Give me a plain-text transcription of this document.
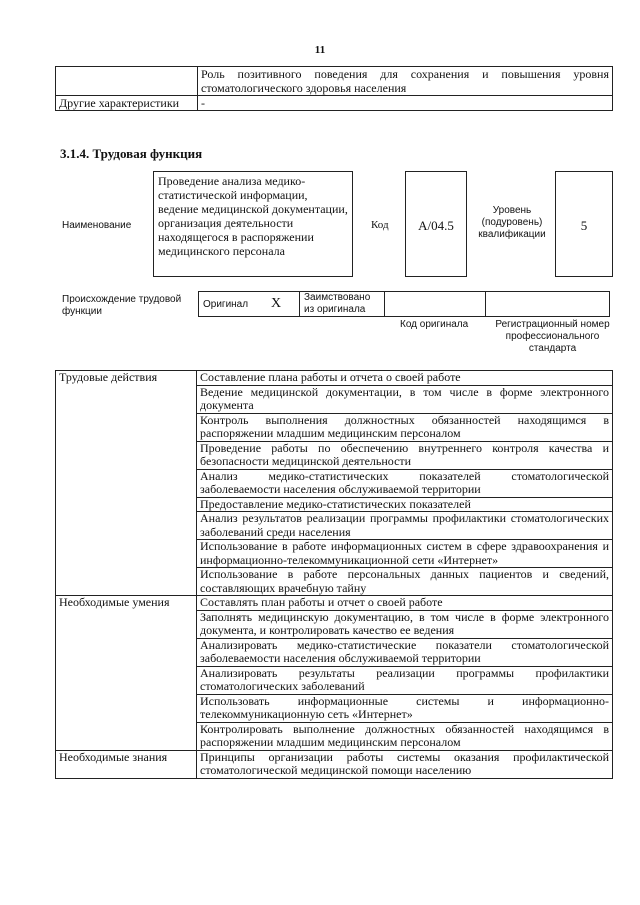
11
	Роль позитивного поведения для сохранения и повышения уровня стоматологического здоровья населения
Другие характеристики	-
3.1.4. Трудовая функция
Наименование
Проведение анализа медико-статистической информации, ведение медицинской документации, организация деятельности находящегося в распоряжении медицинского персонала
Код	A/04.5
Уровень (подуровень) квалификации
5
Происхождение трудовой функции
Оригинал	X	Заимствовано из оригинала		
Код оригинала	Регистрационный номер профессионального стандарта
Трудовые действия	Составление плана работы и отчета о своей работе
	Ведение медицинской документации, в том числе в форме электронного документа
	Контроль выполнения должностных обязанностей находящимся в распоряжении младшим медицинским персоналом
	Проведение работы по обеспечению внутреннего контроля качества и безопасности медицинской деятельности
	Анализ медико-статистических показателей стоматологической заболеваемости населения обслуживаемой территории
	Предоставление медико-статистических показателей
	Анализ результатов реализации программы профилактики стоматологических заболеваний среди населения
	Использование в работе информационных систем в сфере здравоохранения и информационно-телекоммуникационной сети «Интернет»
	Использование в работе персональных данных пациентов и сведений, составляющих врачебную тайну
Необходимые умения	Составлять план работы и отчет о своей работе
	Заполнять медицинскую документацию, в том числе в форме электронного документа, и контролировать качество ее ведения
	Анализировать медико-статистические показатели стоматологической заболеваемости населения обслуживаемой территории
	Анализировать результаты реализации программы профилактики стоматологических заболеваний
	Использовать информационные системы и информационно-телекоммуникационную сеть «Интернет»
	Контролировать выполнение должностных обязанностей находящимся в распоряжении младшим медицинским персоналом
Необходимые знания	Принципы организации работы системы оказания профилактической стоматологической медицинской помощи населению
